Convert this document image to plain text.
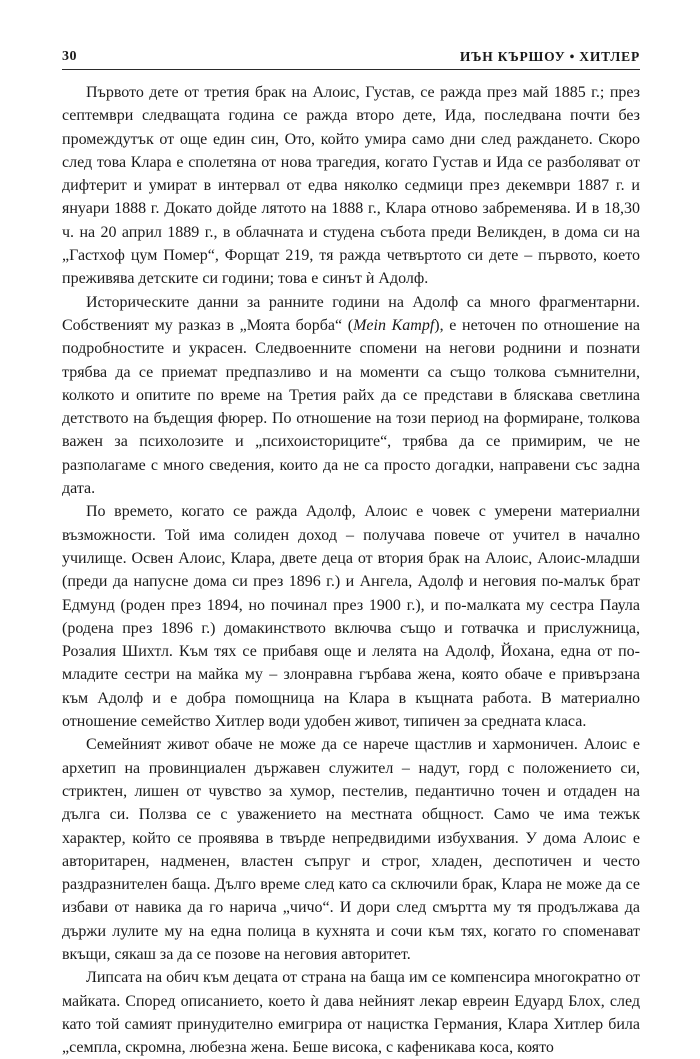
30	ИЪН КЪРШОУ • ХИТЛЕР

Първото дете от третия брак на Алоис, Густав, се ражда през май 1885 г.; през септември следващата година се ражда второ дете, Ида, последвана почти без промеждутък от още един син, Ото, който умира само дни след раждането. Скоро след това Клара е сполетяна от нова трагедия, когато Густав и Ида се разболяват от дифтерит и умират в интервал от едва няколко седмици през декември 1887 г. и януари 1888 г. Докато дойде лятото на 1888 г., Клара отново забременява. И в 18,30 ч. на 20 април 1889 г., в облачната и студена събота преди Великден, в дома си на „Гастхоф цум Помер“, Форщат 219, тя ражда четвъртото си дете – първото, което преживява детските си години; това е синът ѝ Адолф.

Историческите данни за ранните години на Адолф са много фрагментарни. Собственият му разказ в „Моята борба“ (Mein Kampf), е неточен по отношение на подробностите и украсен. Следвоенните спомени на негови роднини и познати трябва да се приемат предпазливо и на моменти са също толкова съмнителни, колкото и опитите по време на Третия райх да се представи в бляскава светлина детството на бъдещия фюрер. По отношение на този период на формиране, толкова важен за психолозите и „психоисториците“, трябва да се примирим, че не разполагаме с много сведения, които да не са просто догадки, направени със задна дата.

По времето, когато се ражда Адолф, Алоис е човек с умерени материални възможности. Той има солиден доход – получава повече от учител в начално училище. Освен Алоис, Клара, двете деца от втория брак на Алоис, Алоис-младши (преди да напусне дома си през 1896 г.) и Ангела, Адолф и неговия по-малък брат Едмунд (роден през 1894, но починал през 1900 г.), и по-малката му сестра Паула (родена през 1896 г.) домакинството включва също и готвачка и прислужница, Розалия Шихтл. Към тях се прибавя още и лелята на Адолф, Йохана, една от по-младите сестри на майка му – злонравна гърбава жена, която обаче е привързана към Адолф и е добра помощница на Клара в къщната работа. В материално отношение семейство Хитлер води удобен живот, типичен за средната класа.

Семейният живот обаче не може да се нарече щастлив и хармоничен. Алоис е архетип на провинциален държавен служител – надут, горд с положението си, стриктен, лишен от чувство за хумор, пестелив, педантично точен и отдаден на дълга си. Ползва се с уважението на местната общност. Само че има тежък характер, който се проявява в твърде непредвидими избухвания. У дома Алоис е авторитарен, надменен, властен съпруг и строг, хладен, деспотичен и често раздразнителен баща. Дълго време след като са сключили брак, Клара не може да се избави от навика да го нарича „чичо“. И дори след смъртта му тя продължава да държи лулите му на една полица в кухнята и сочи към тях, когато го споменават вкъщи, сякаш за да се позове на неговия авторитет.

Липсата на обич към децата от страна на баща им се компенсира многократно от майката. Според описанието, което ѝ дава нейният лекар евреин Едуард Блох, след като той самият принудително емигрира от нацистка Германия, Клара Хитлер била „семпла, скромна, любезна жена. Беше висока, с кафеникава коса, която
